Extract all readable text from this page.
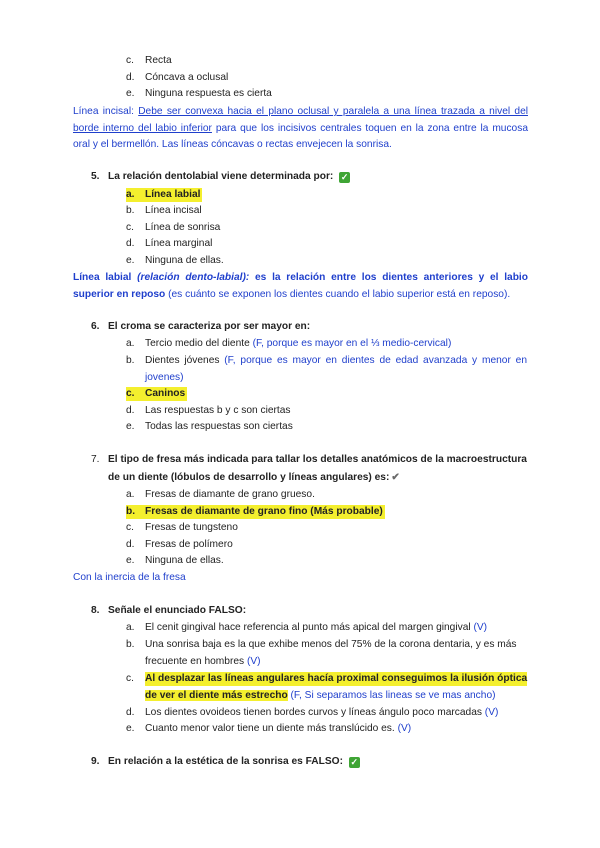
c.	Recta
d.	Cóncava a oclusal
e.	Ninguna respuesta es cierta
Línea incisal: Debe ser convexa hacia el plano oclusal y paralela a una línea trazada a nivel del borde interno del labio inferior para que los incisivos centrales toquen en la zona entre la mucosa oral y el bermellón. Las líneas cóncavas o rectas envejecen la sonrisa.
5. La relación dentolabial viene determinada por: ✓
a. Línea labial
b.	Línea incisal
c.	Línea de sonrisa
d.	Línea marginal
e.	Ninguna de ellas.
Línea labial (relación dento-labial): es la relación entre los dientes anteriores y el labio superior en reposo (es cuánto se exponen los dientes cuando el labio superior está en reposo).
6. El croma se caracteriza por ser mayor en:
a.	Tercio medio del diente (F, porque es mayor en el ⅓ medio-cervical)
b.	Dientes jóvenes (F, porque es mayor en dientes de edad avanzada y menor en
jovenes)
c. Caninos
d.	Las respuestas b y c son ciertas
e.	Todas las respuestas son ciertas
7. El tipo de fresa más indicada para tallar los detalles anatómicos de la macroestructura
de un diente (lóbulos de desarrollo y líneas angulares) es: ✔
a.	Fresas de diamante de grano grueso.
b. Fresas de diamante de grano fino (Más probable)
c.	Fresas de tungsteno
d.	Fresas de polímero
e.	Ninguna de ellas.
Con la inercia de la fresa
8. Señale el enunciado FALSO:
a.	El cenit gingival hace referencia al punto más apical del margen gingival (V)
b.	Una sonrisa baja es la que exhibe menos del 75% de la corona dentaria, y es más
frecuente en hombres (V)
c.	Al desplazar las líneas angulares hacía proximal conseguimos la ilusión óptica
de ver el diente más estrecho (F, Si separamos las lineas se ve mas ancho)
d.	Los dientes ovoideos tienen bordes curvos y líneas ángulo poco marcadas (V)
e.	Cuanto menor valor tiene un diente más translúcido es. (V)
9. En relación a la estética de la sonrisa es FALSO: ✓
